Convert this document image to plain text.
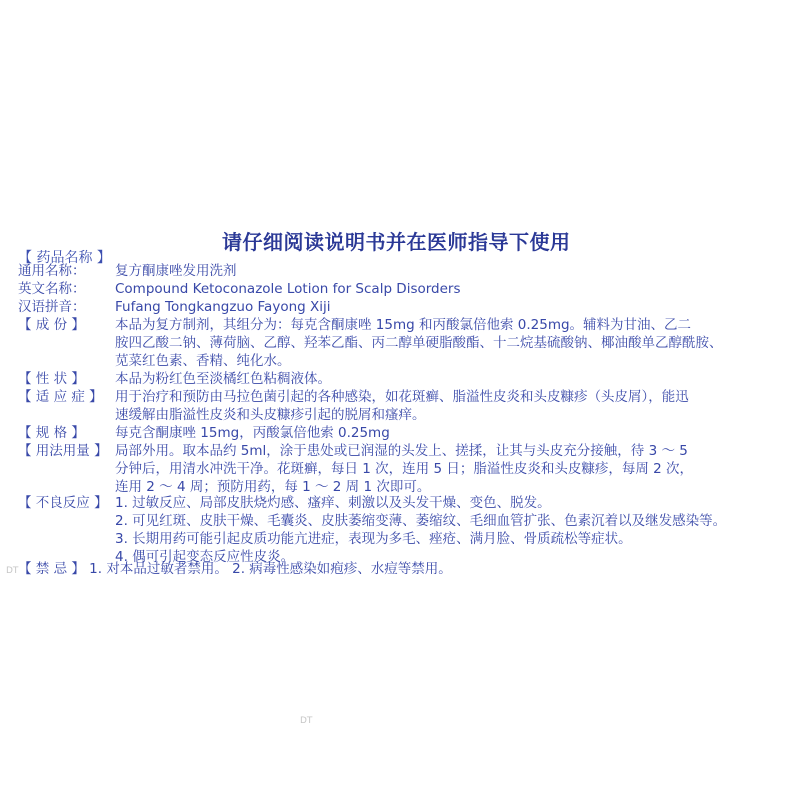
请仔细阅读说明书并在医师指导下使用
【 药品名称 】
通用名称： 复方酮康唑发用洗剂
英文名称： Compound Ketoconazole Lotion for Scalp Disorders
汉语拼音： Fufang Tongkangzuo Fayong Xiji
【 成 份 】 本品为复方制剂，其组分为：每克含酮康唑 15mg 和丙酸氯倍他索 0.25mg。辅料为甘油、乙二
胺四乙酸二钠、薄荷脑、乙醇、羟苯乙酯、丙二醇单硬脂酸酯、十二烷基硫酸钠、椰油酸单乙醇酰胺、
苋菜红色素、香精、纯化水。
【 性 状 】 本品为粉红色至淡橘红色粘稠液体。
【 适 应 症 】 用于治疗和预防由马拉色菌引起的各种感染，如花斑癣、脂溢性皮炎和头皮糠疹（头皮屑），能迅
速缓解由脂溢性皮炎和头皮糠疹引起的脱屑和瘙痒。
【 规 格 】 每克含酮康唑 15mg，丙酸氯倍他索 0.25mg
【 用法用量 】 局部外用。取本品约 5ml，涂于患处或已润湿的头发上、搓揉，让其与头皮充分接触，待 3 ～ 5
分钟后，用清水冲洗干净。花斑癣，每日 1 次，连用 5 日；脂溢性皮炎和头皮糠疹，每周 2 次，
连用 2 ～ 4 周；预防用药，每 1 ～ 2 周 1 次即可。
【 不良反应 】 1. 过敏反应、局部皮肤烧灼感、瘙痒、刺激以及头发干燥、变色、脱发。
2. 可见红斑、皮肤干燥、毛囊炎、皮肤萎缩变薄、萎缩纹、毛细血管扩张、色素沉着以及继发感染等。
3. 长期用药可能引起皮质功能亢进症，表现为多毛、痤疮、满月脸、骨质疏松等症状。
4. 偶可引起变态反应性皮炎。
【 禁 忌 】 1. 对本品过敏者禁用。 2. 病毒性感染如疱疹、水痘等禁用。
DT
DT
